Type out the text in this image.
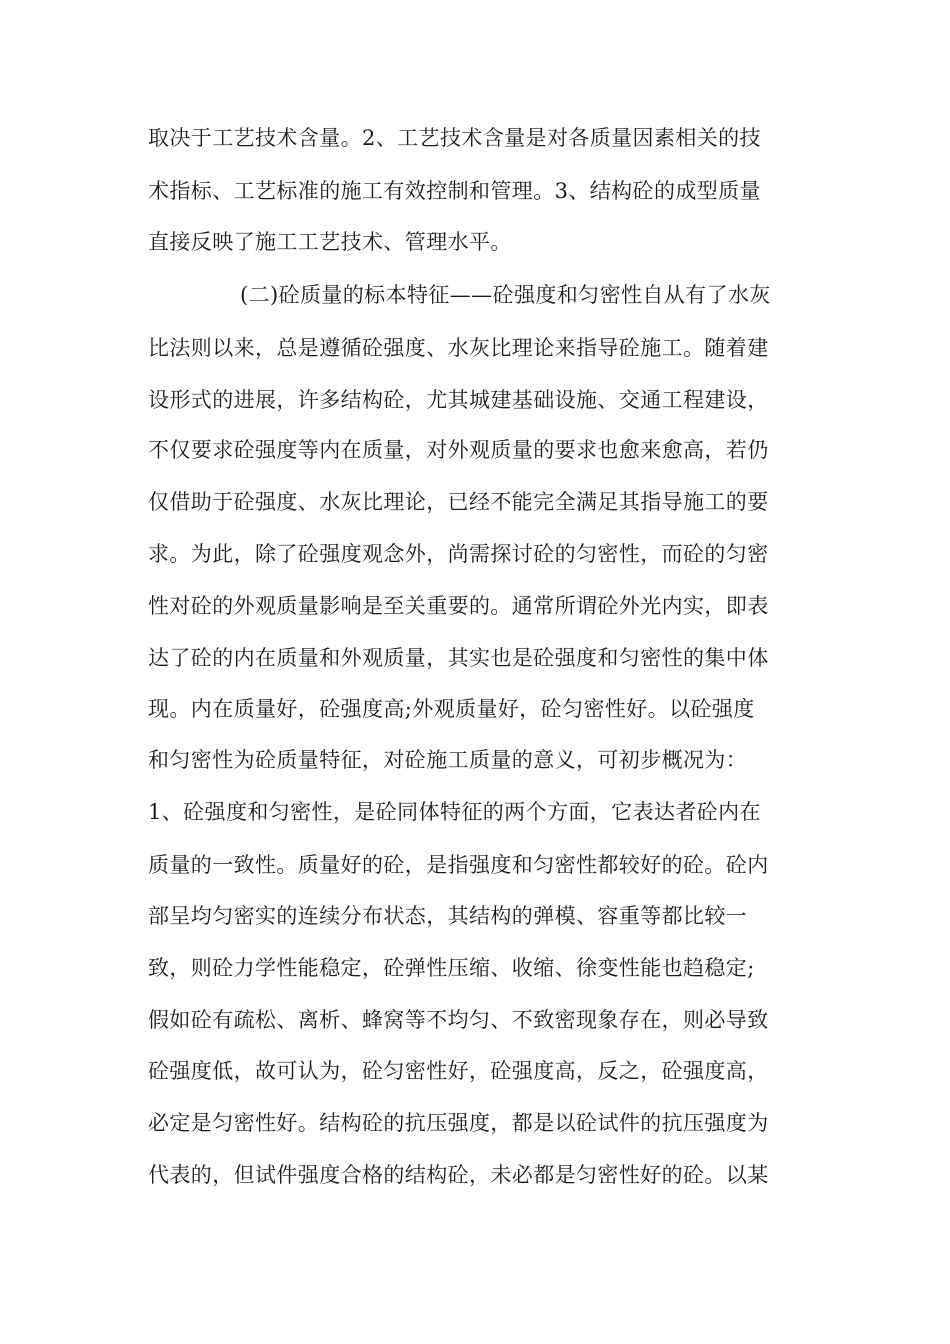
取决于工艺技术含量。2、工艺技术含量是对各质量因素相关的技
术指标、工艺标准的施工有效控制和管理。3、结构砼的成型质量
直接反映了施工工艺技术、管理水平。
(二)砼质量的标本特征——砼强度和匀密性自从有了水灰
比法则以来，总是遵循砼强度、水灰比理论来指导砼施工。随着建
设形式的进展，许多结构砼，尤其城建基础设施、交通工程建设，
不仅要求砼强度等内在质量，对外观质量的要求也愈来愈高，若仍
仅借助于砼强度、水灰比理论，已经不能完全满足其指导施工的要
求。为此，除了砼强度观念外，尚需探讨砼的匀密性，而砼的匀密
性对砼的外观质量影响是至关重要的。通常所谓砼外光内实，即表
达了砼的内在质量和外观质量，其实也是砼强度和匀密性的集中体
现。内在质量好，砼强度高;外观质量好，砼匀密性好。以砼强度
和匀密性为砼质量特征，对砼施工质量的意义，可初步概况为：
1、砼强度和匀密性，是砼同体特征的两个方面，它表达者砼内在
质量的一致性。质量好的砼，是指强度和匀密性都较好的砼。砼内
部呈均匀密实的连续分布状态，其结构的弹模、容重等都比较一
致，则砼力学性能稳定，砼弹性压缩、收缩、徐变性能也趋稳定;
假如砼有疏松、离析、蜂窝等不均匀、不致密现象存在，则必导致
砼强度低，故可认为，砼匀密性好，砼强度高，反之，砼强度高，
必定是匀密性好。结构砼的抗压强度，都是以砼试件的抗压强度为
代表的，但试件强度合格的结构砼，未必都是匀密性好的砼。以某
